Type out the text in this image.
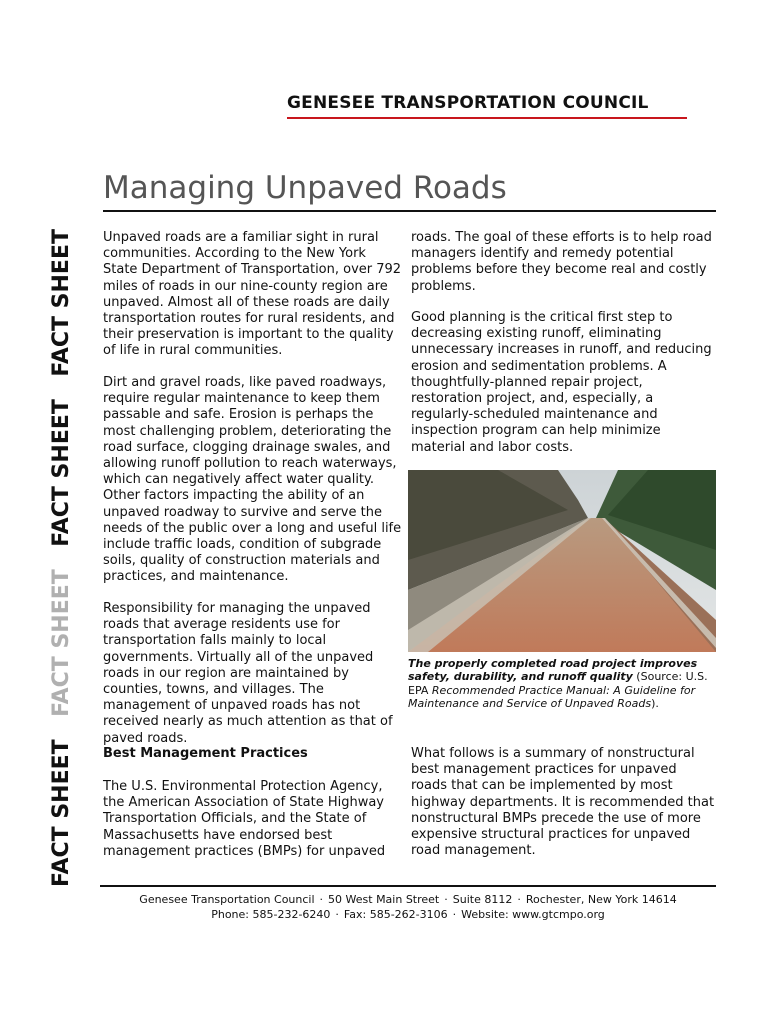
GENESEE TRANSPORTATION COUNCIL
Managing Unpaved Roads
FACT SHEET
FACT SHEET
FACT SHEET
FACT SHEET Unpaved roads are a familiar sight in rural communities. According to the New York State Department of Transportation, over 792 miles of roads in our nine-county region are unpaved. Almost all of these roads are daily transportation routes for rural residents, and their preservation is important to the quality of life in rural communities.

Dirt and gravel roads, like paved roadways, require regular maintenance to keep them passable and safe. Erosion is perhaps the most challenging problem, deteriorating the road surface, clogging drainage swales, and allowing runoff pollution to reach waterways, which can negatively affect water quality. Other factors impacting the ability of an unpaved roadway to survive and serve the needs of the public over a long and useful life include traffic loads, condition of subgrade soils, quality of construction materials and practices, and maintenance.

Responsibility for managing the unpaved roads that average residents use for transportation falls mainly to local governments. Virtually all of the unpaved roads in our region are maintained by counties, towns, and villages. The management of unpaved roads has not received nearly as much attention as that of paved roads.

Best Management Practices

The U.S. Environmental Protection Agency, the American Association of State Highway Transportation Officials, and the State of Massachusetts have endorsed best management practices (BMPs) for unpaved

roads. The goal of these efforts is to help road managers identify and remedy potential problems before they become real and costly problems.

Good planning is the critical first step to decreasing existing runoff, eliminating unnecessary increases in runoff, and reducing erosion and sedimentation problems. A thoughtfully-planned repair project, restoration project, and, especially, a regularly-scheduled maintenance and inspection program can help minimize material and labor costs.

The properly completed road project improves safety, durability, and runoff quality (Source: U.S. EPA Recommended Practice Manual: A Guideline for Maintenance and Service of Unpaved Roads).

What follows is a summary of nonstructural best management practices for unpaved roads that can be implemented by most highway departments. It is recommended that nonstructural BMPs precede the use of more expensive structural practices for unpaved road management.

Genesee Transportation Council · 50 West Main Street · Suite 8112 · Rochester, New York 14614
Phone: 585-232-6240 · Fax: 585-262-3106 · Website: www.gtcmpo.org
